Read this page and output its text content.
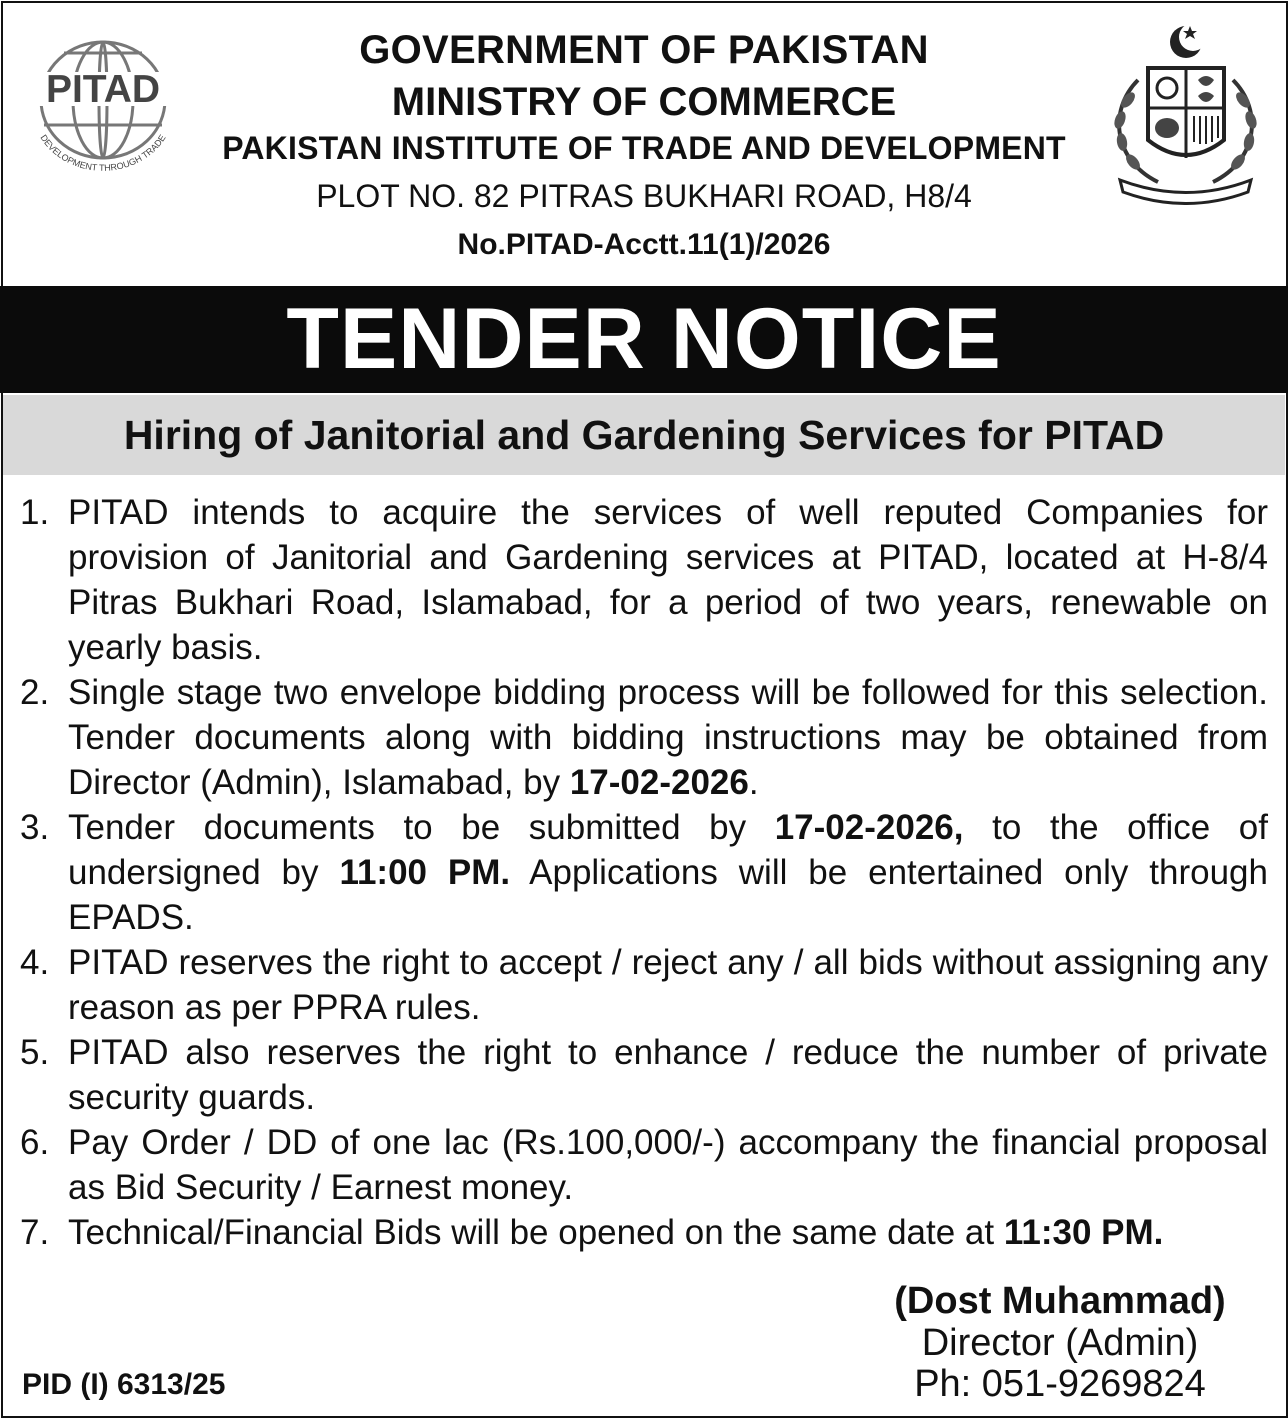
PITAD
DEVELOPMENT THROUGH TRADE
GOVERNMENT OF PAKISTAN
MINISTRY OF COMMERCE
PAKISTAN INSTITUTE OF TRADE AND DEVELOPMENT
PLOT NO. 82 PITRAS BUKHARI ROAD, H8/4
No.PITAD-Acctt.11(1)/2026
TENDER NOTICE
Hiring of Janitorial and Gardening Services for PITAD
1. PITAD intends to acquire the services of well reputed Companies for provision of Janitorial and Gardening services at PITAD, located at H-8/4 Pitras Bukhari Road, Islamabad, for a period of two years, renewable on yearly basis.
2. Single stage two envelope bidding process will be followed for this selection. Tender documents along with bidding instructions may be obtained from Director (Admin), Islamabad, by 17-02-2026.
3. Tender documents to be submitted by 17-02-2026, to the office of undersigned by 11:00 PM. Applications will be entertained only through EPADS.
4. PITAD reserves the right to accept / reject any / all bids without assigning any reason as per PPRA rules.
5. PITAD also reserves the right to enhance / reduce the number of private security guards.
6. Pay Order / DD of one lac (Rs.100,000/-) accompany the financial proposal as Bid Security / Earnest money.
7. Technical/Financial Bids will be opened on the same date at 11:30 PM.
(Dost Muhammad)
Director (Admin)
Ph: 051-9269824
PID (I) 6313/25
